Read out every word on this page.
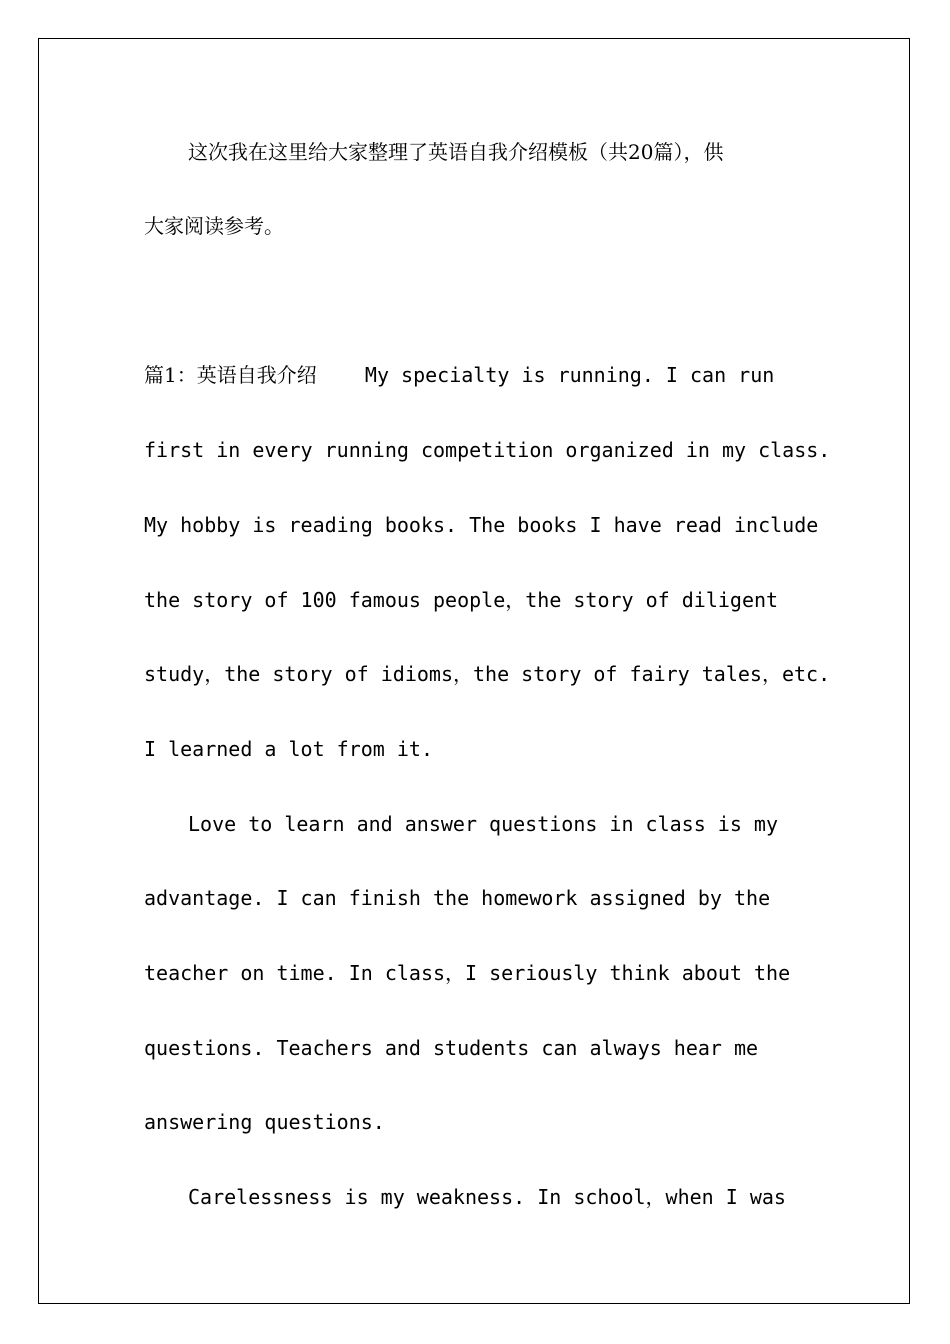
这次我在这里给大家整理了英语自我介绍模板（共20篇），供
大家阅读参考。
篇1：英语自我介绍 My specialty is running. I can run
first in every running competition organized in my class.
My hobby is reading books. The books I have read include
the story of 100 famous people，the story of diligent
study，the story of idioms，the story of fairy tales，etc.
I learned a lot from it.
Love to learn and answer questions in class is my
advantage. I can finish the homework assigned by the
teacher on time. In class，I seriously think about the
questions. Teachers and students can always hear me
answering questions.
Carelessness is my weakness. In school，when I was
